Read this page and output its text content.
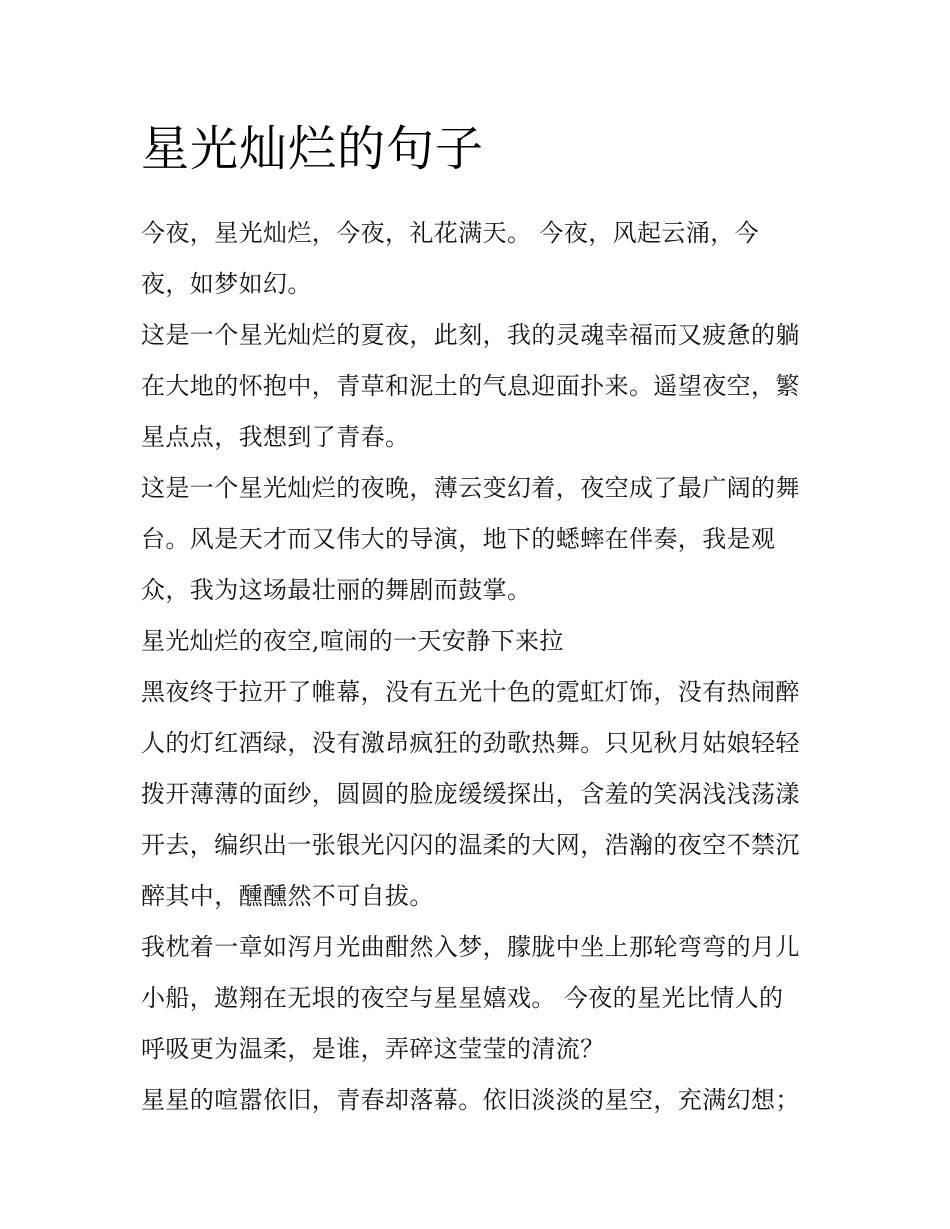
星光灿烂的句子

今夜，星光灿烂，今夜，礼花满天。 今夜，风起云涌，今
夜，如梦如幻。

这是一个星光灿烂的夏夜，此刻，我的灵魂幸福而又疲惫的躺
在大地的怀抱中，青草和泥土的气息迎面扑来。遥望夜空，繁
星点点，我想到了青春。

这是一个星光灿烂的夜晚，薄云变幻着，夜空成了最广阔的舞
台。风是天才而又伟大的导演，地下的蟋蟀在伴奏，我是观
众，我为这场最壮丽的舞剧而鼓掌。

星光灿烂的夜空,喧闹的一天安静下来拉

黑夜终于拉开了帷幕，没有五光十色的霓虹灯饰，没有热闹醉
人的灯红酒绿，没有激昂疯狂的劲歌热舞。只见秋月姑娘轻轻
拨开薄薄的面纱，圆圆的脸庞缓缓探出，含羞的笑涡浅浅荡漾
开去，编织出一张银光闪闪的温柔的大网，浩瀚的夜空不禁沉
醉其中，醺醺然不可自拔。

我枕着一章如泻月光曲酣然入梦，朦胧中坐上那轮弯弯的月儿
小船，遨翔在无垠的夜空与星星嬉戏。 今夜的星光比情人的
呼吸更为温柔，是谁，弄碎这莹莹的清流？

星星的喧嚣依旧，青春却落幕。依旧淡淡的星空，充满幻想；
